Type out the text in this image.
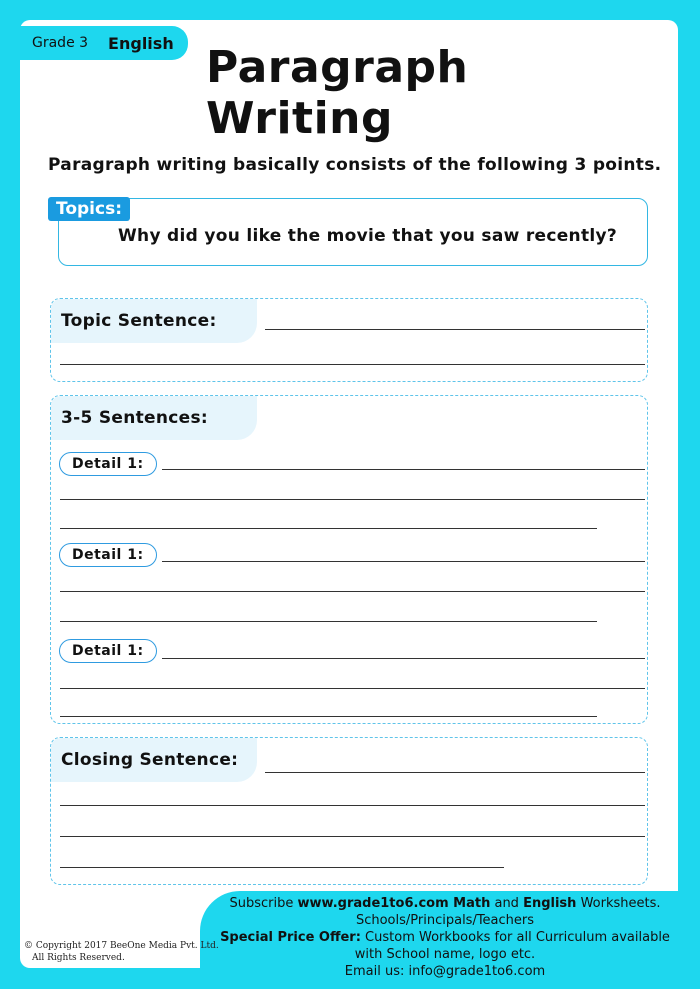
Grade 3 English Paragraph Writing
Paragraph writing basically consists of the following 3 points.
Topics:
Why did you like the movie that you saw recently?
Topic Sentence:
3-5 Sentences:
Detail 1:
Detail 1:
Detail 1:
Closing Sentence:
Subscribe www.grade1to6.com Math and English Worksheets.
Schools/Principals/Teachers
Special Price Offer: Custom Workbooks for all Curriculum available
with School name, logo etc.
Email us: info@grade1to6.com
© Copyright 2017 BeeOne Media Pvt. Ltd.
All Rights Reserved.
